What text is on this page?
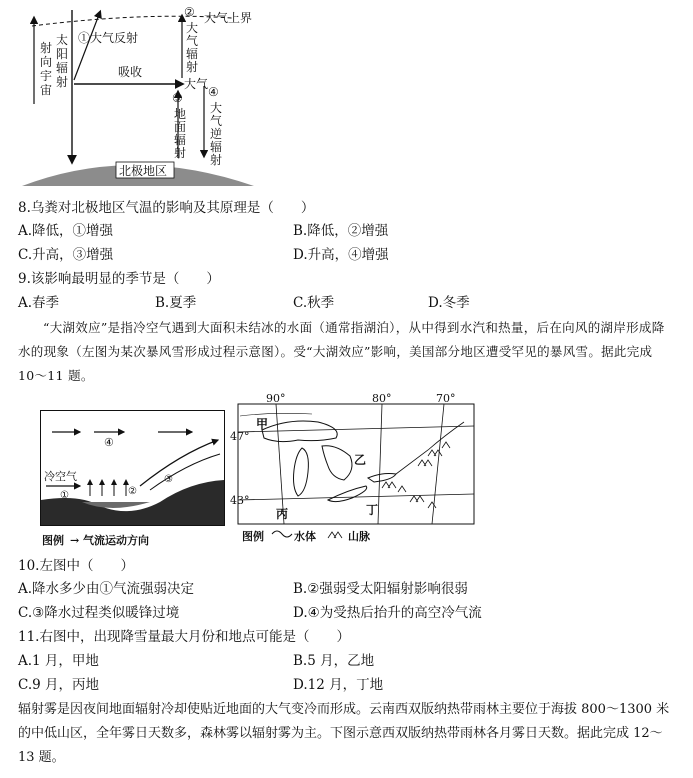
北极地区
② 大气上界
①大气反射
吸收
大气
射向宇宙
太阳辐射
大气辐射
③
地面辐射
④
大气逆辐射
8.乌粪对北极地区气温的影响及其原理是（　　）
A.降低，①增强	B.降低，②增强
C.升高，③增强	D.升高，④增强
9.该影响最明显的季节是（　　）
A.春季	B.夏季	C.秋季	D.冬季
“大湖效应”是指冷空气遇到大面积未结冰的水面（通常指湖泊），从中得到水汽和热量，后在向风的湖岸形成降水的现象（左图为某次暴风雪形成过程示意图）。受“大湖效应”影响，美国部分地区遭受罕见的暴风雪。据此完成 10～11 题。
④
冷空气
①	②
③
图例 → 气流运动方向
90°	80°	70°
47°
43°
甲
乙
丙	丁
图例	水体	山脉
10.左图中（　　）
A.降水多少由①气流强弱决定	B.②强弱受太阳辐射影响很弱
C.③降水过程类似暖锋过境	D.④为受热后抬升的高空冷气流
11.右图中，出现降雪量最大月份和地点可能是（　　）
A.1 月，甲地	B.5 月，乙地
C.9 月，丙地	D.12 月，丁地
辐射雾是因夜间地面辐射冷却使贴近地面的大气变冷而形成。云南西双版纳热带雨林主要位于海拔 800～1300 米的中低山区，全年雾日天数多，森林雾以辐射雾为主。下图示意西双版纳热带雨林各月雾日天数。据此完成 12～13 题。
